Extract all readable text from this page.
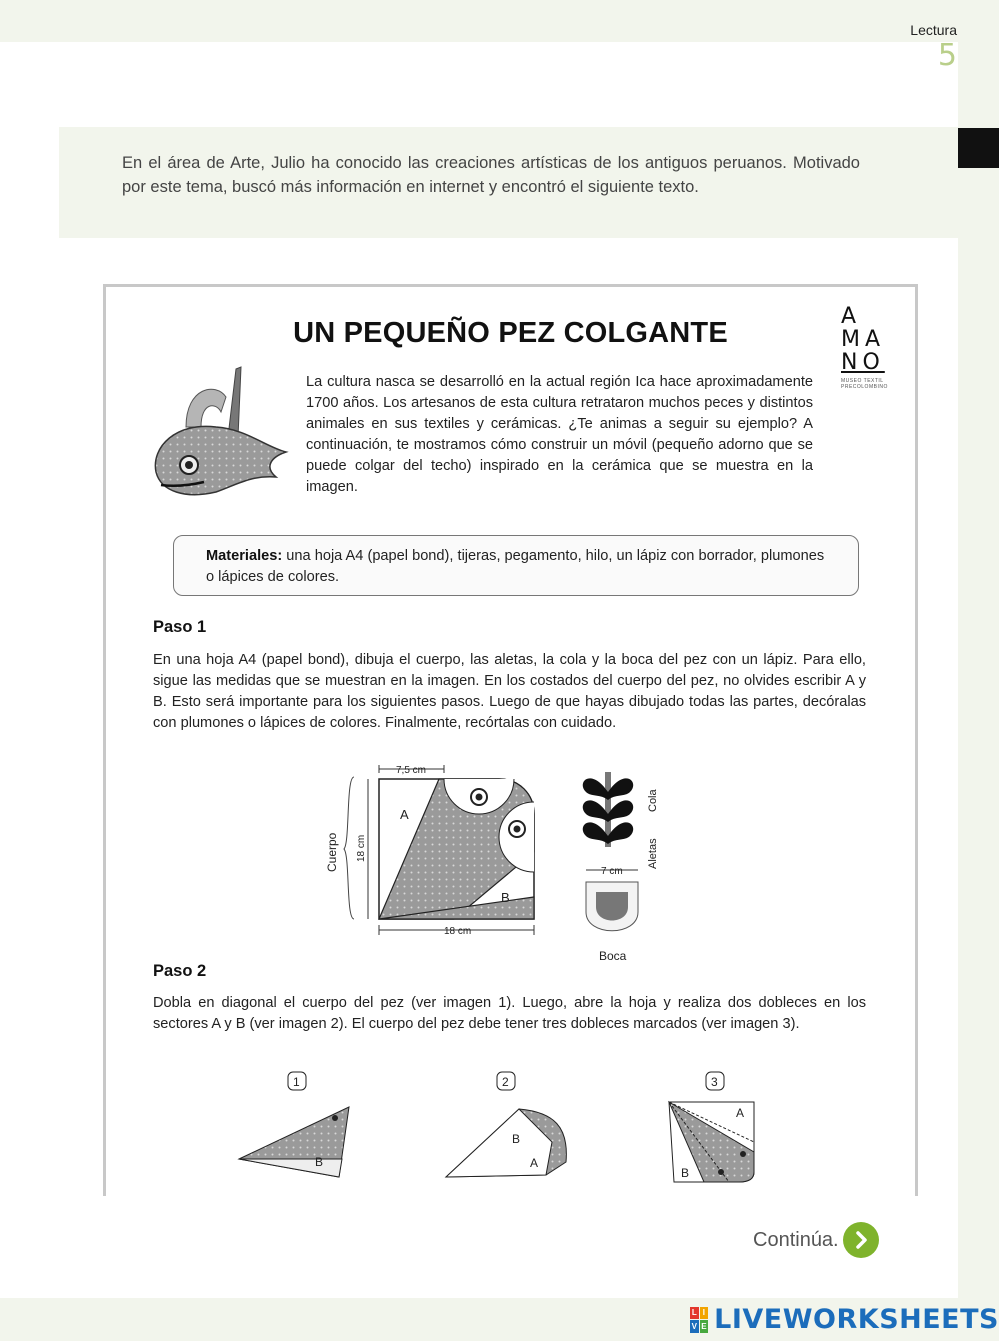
Lectura
5
En el área de Arte, Julio ha conocido las creaciones artísticas de los antiguos peruanos. Motivado por este tema, buscó más información en internet y encontró el siguiente texto.
UN PEQUEÑO PEZ COLGANTE
A
MA
NO
MUSEO TEXTIL
PRECOLOMBINO
La cultura nasca se desarrolló en la actual región Ica hace aproximadamente 1700 años. Los artesanos de esta cultura retrataron muchos peces y distintos animales en sus textiles y cerámicas. ¿Te animas a seguir su ejemplo? A continuación, te mostramos cómo construir un móvil (pequeño adorno que se puede colgar del techo) inspirado en la cerámica que se muestra en la imagen.
Materiales: una hoja A4 (papel bond), tijeras, pegamento, hilo, un lápiz con borrador, plumones o lápices de colores.
Paso 1
En una hoja A4 (papel bond), dibuja el cuerpo, las aletas, la cola y la boca del pez con un lápiz. Para ello, sigue las medidas que se muestran en la imagen. En los costados del cuerpo del pez, no olvides escribir A y B. Esto será importante para los siguientes pasos. Luego de que hayas dibujado todas las partes, decóralas con plumones o lápices de colores. Finalmente, recórtalas con cuidado.
7,5 cm
A
B
18 cm
Cuerpo
18 cm
Cola
Aletas
7 cm
Boca
Paso 2
Dobla en diagonal el cuerpo del pez (ver imagen 1). Luego, abre la hoja y realiza dos dobleces en los sectores A y B (ver imagen 2). El cuerpo del pez debe tener tres dobleces marcados (ver imagen 3).
1
B
2
B
A
3
A
B
Continúa.
L I
V E LIVEWORKSHEETS
